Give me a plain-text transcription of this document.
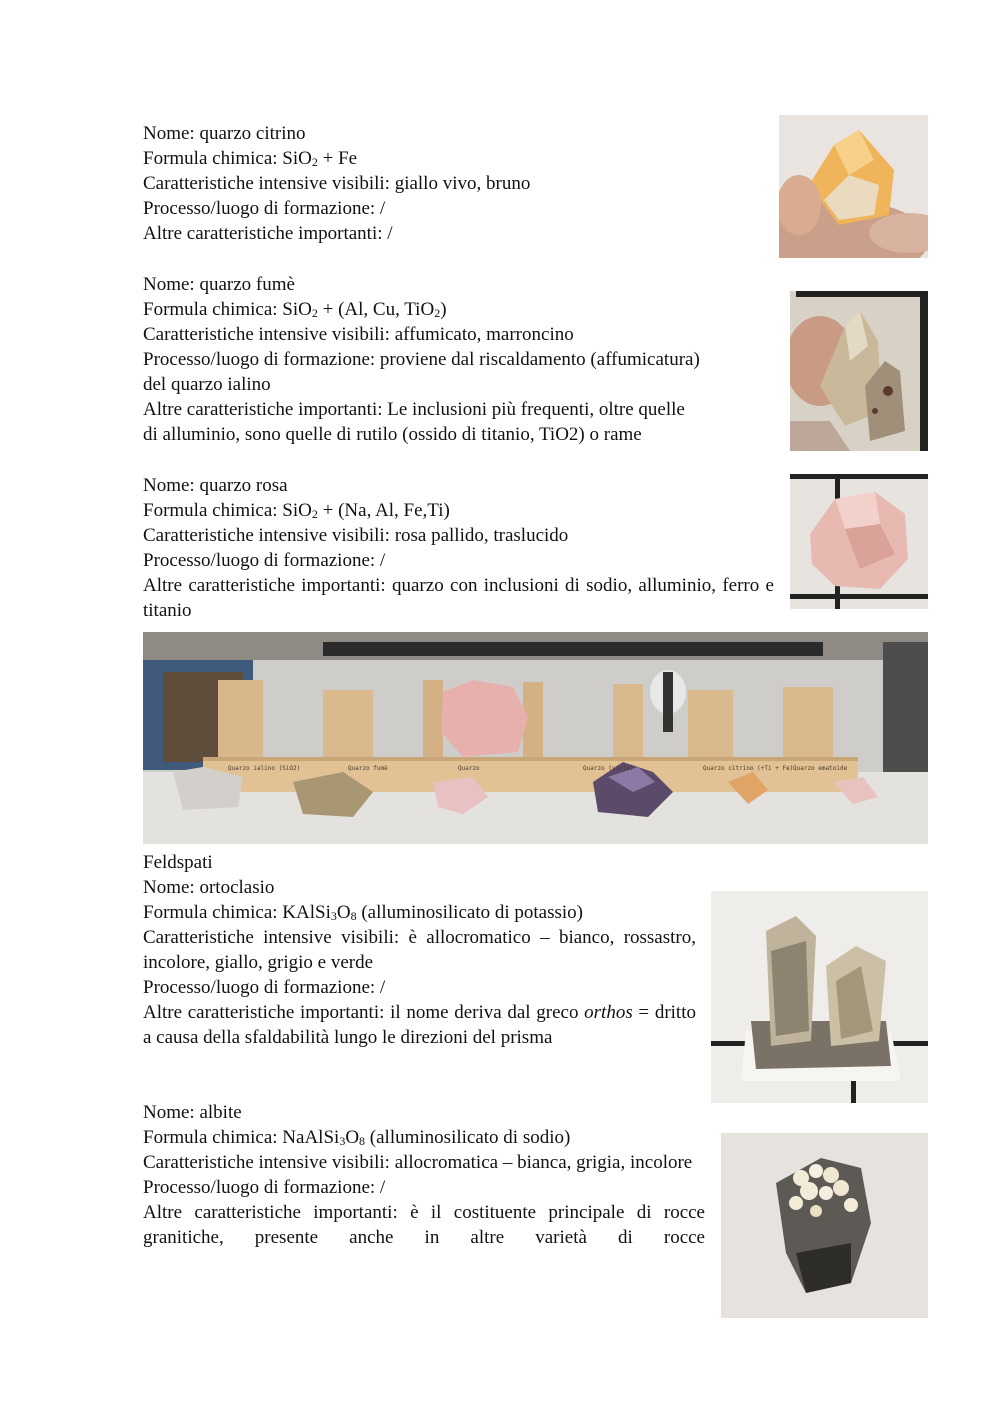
Nome: quarzo citrino
Formula chimica: SiO$_2$ + Fe
Caratteristiche intensive visibili: giallo vivo, bruno
Processo/luogo di formazione: /
Altre caratteristiche importanti: /
Nome: quarzo fumè
Formula chimica: SiO$_2$ + (Al, Cu, TiO$_2$)
Caratteristiche intensive visibili: affumicato, marroncino
Processo/luogo di formazione: proviene dal riscaldamento (affumicatura)
del quarzo ialino
Altre caratteristiche importanti: Le inclusioni più frequenti, oltre quelle
di alluminio, sono quelle di rutilo (ossido di titanio, TiO2) o rame
Nome: quarzo rosa
Formula chimica: SiO$_2$ + (Na, Al, Fe,Ti)
Caratteristiche intensive visibili: rosa pallido, traslucido
Processo/luogo di formazione: /
Altre caratteristiche importanti: quarzo con inclusioni di sodio, alluminio, ferro e titanio
Quarzo ialino (SiO2)	Quarzo fumè	Quarzo	Quarzo (viola)	Quarzo citrino (+Ti + Fe) Quarzo ematoide
Feldspati
Nome: ortoclasio
Formula chimica: $KAlSi_3O_8$ (alluminosilicato di potassio)
Caratteristiche intensive visibili: è allocromatico – bianco, rossastro, incolore, giallo, grigio e verde
Processo/luogo di formazione: /
Altre caratteristiche importanti: il nome deriva dal greco orthos = dritto a causa della sfaldabilità lungo le direzioni del prisma
Nome: albite
Formula chimica: $NaAlSi_3O_8$ (alluminosilicato di sodio)
Caratteristiche intensive visibili: allocromatica – bianca, grigia, incolore
Processo/luogo di formazione: /
Altre caratteristiche importanti: è il costituente principale di rocce granitiche, presente anche in altre varietà di rocce
